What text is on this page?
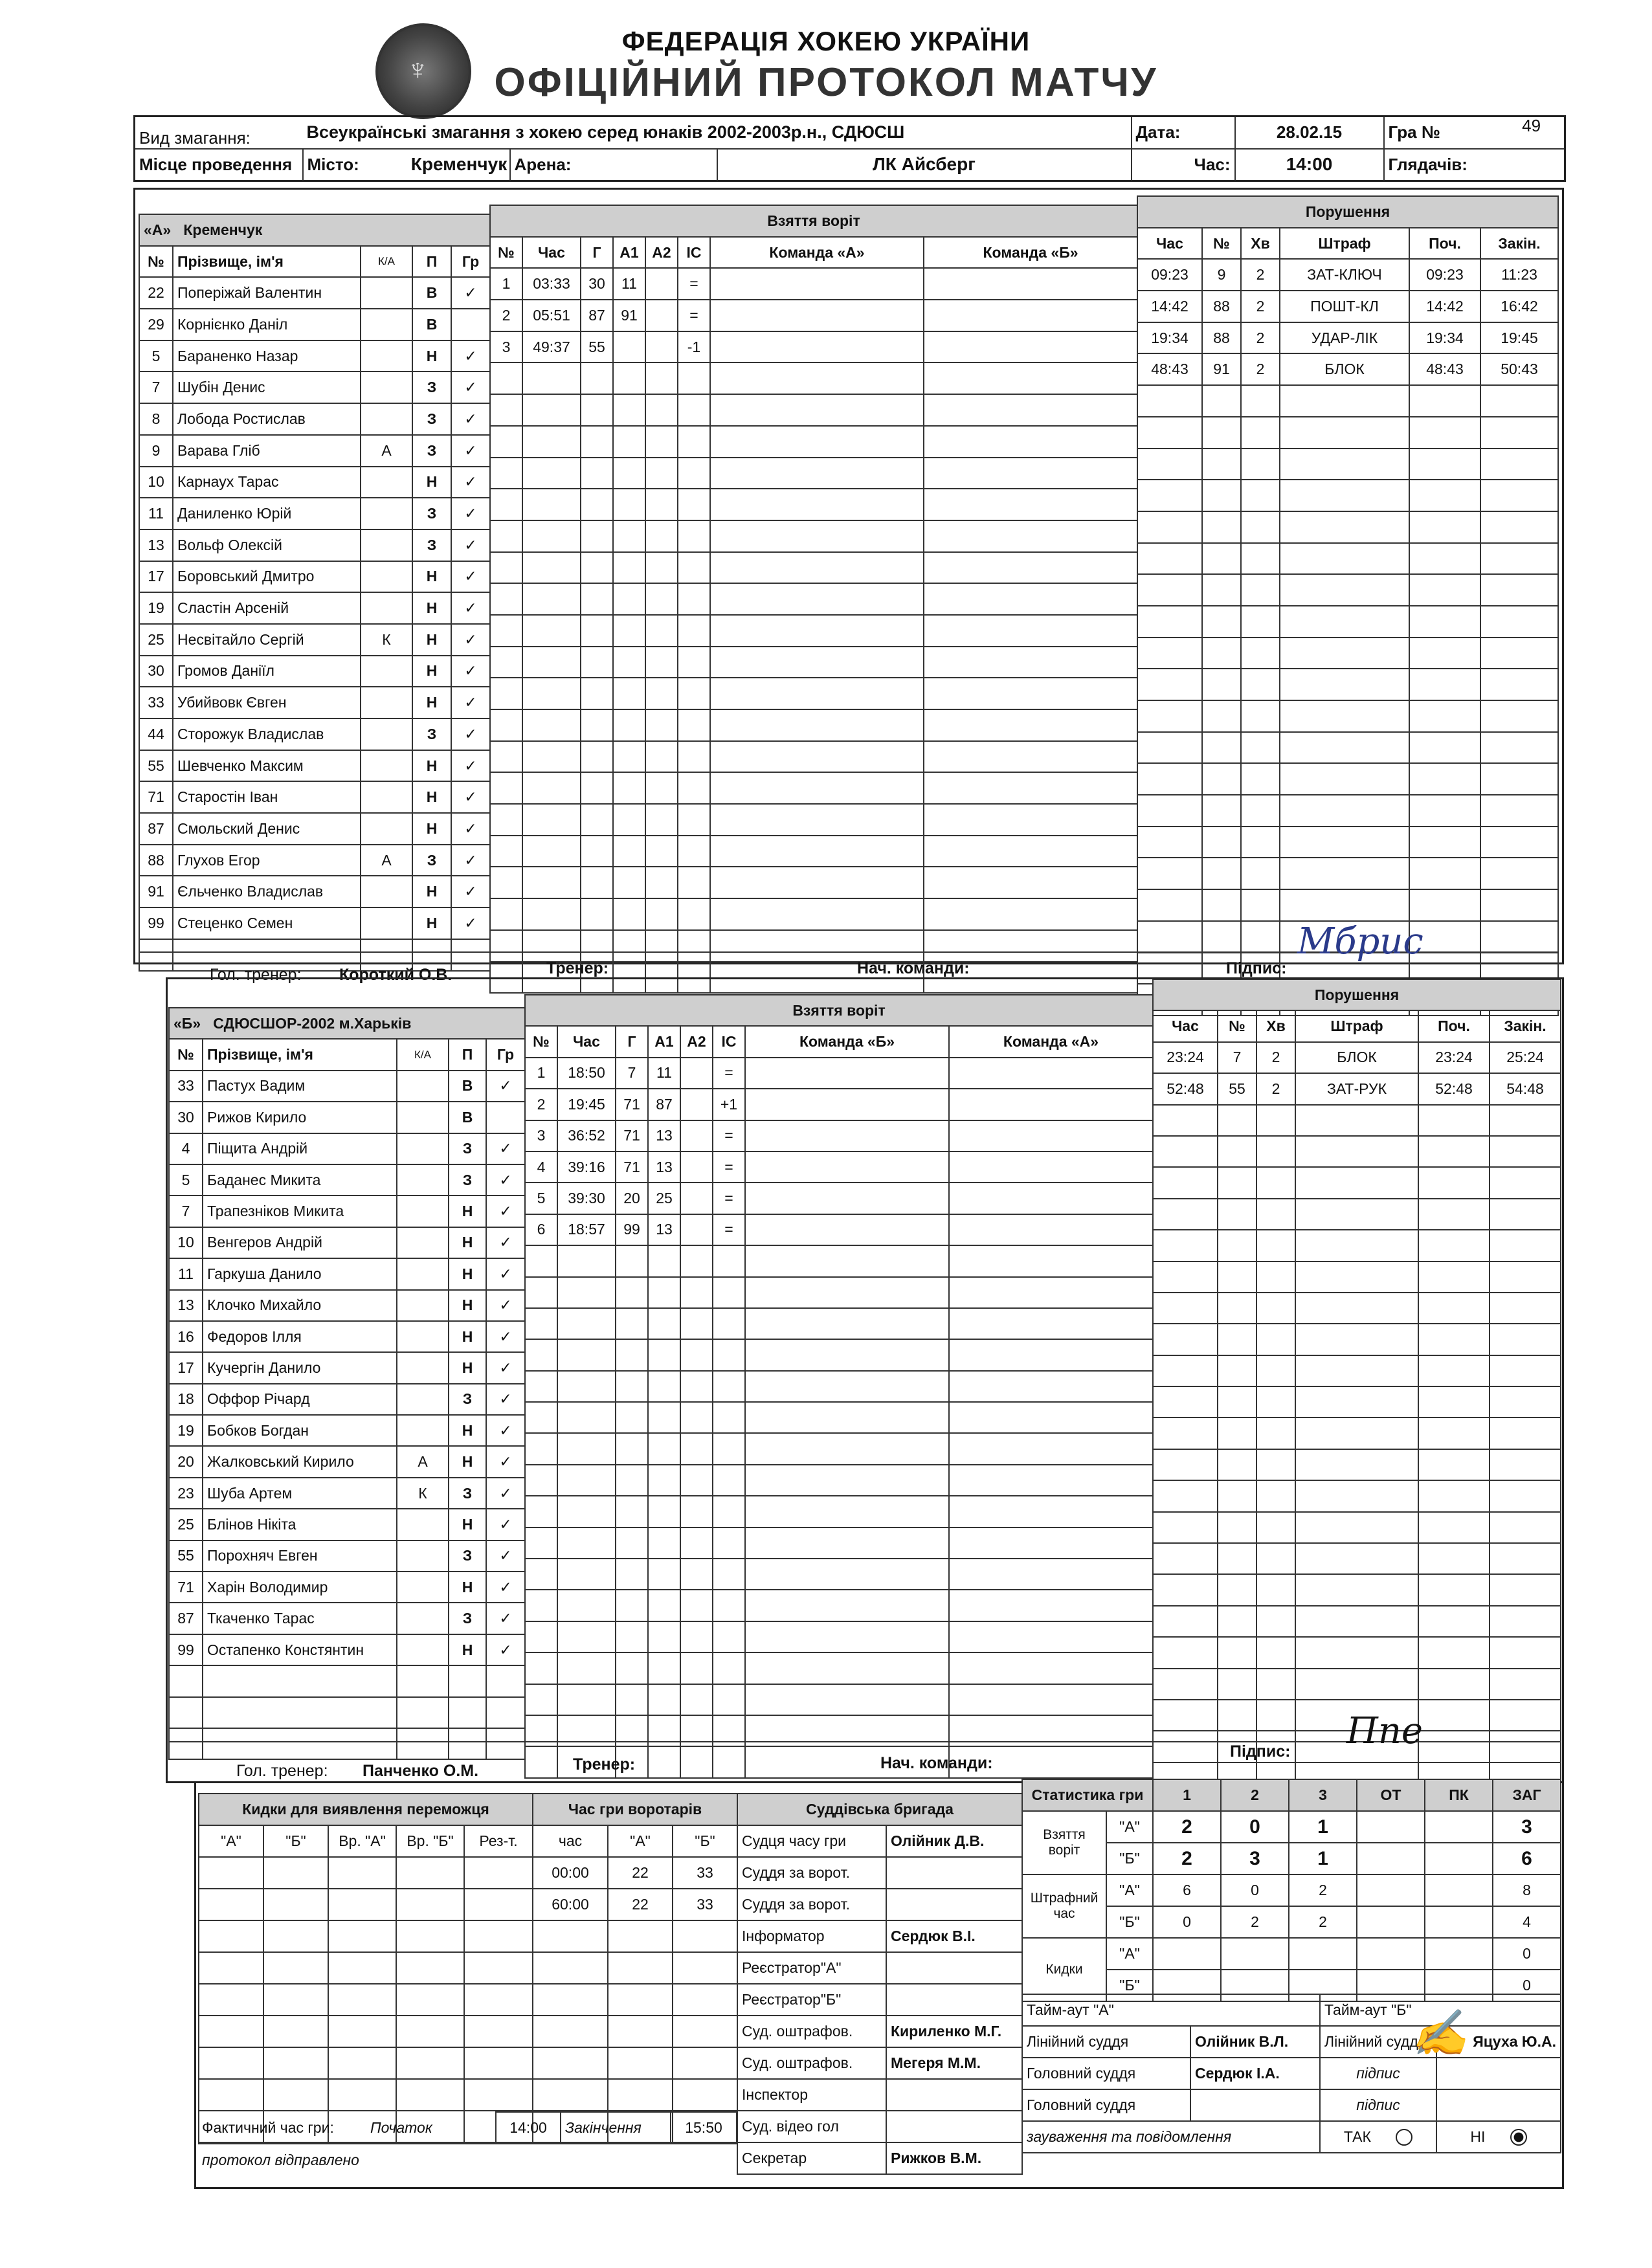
♆
ФЕДЕРАЦІЯ ХОКЕЮ УКРАЇНИ
ОФІЦІЙНИЙ ПРОТОКОЛ МАТЧУ
Вид змагання:	Всеукраїнські змагання з хокею серед юнаків 2002-2003р.н., СДЮСШ			Дата:	28.02.15	Гра № 49

Місце проведення	Місто: Кременчук	Арена:	ЛК Айсберг	Час:	14:00	Глядачів:
«А» Кременчук				
№	Прізвище, ім'я	К/А	П	Гр
22	Поперіжай Валентин		В	✓
29	Корнієнко Даніл		В	
5	Бараненко Назар		Н	✓
7	Шубін Денис		З	✓
8	Лобода Ростислав		З	✓
9	Варава Гліб	А	З	✓
10	Карнаух Тарас		Н	✓
11	Даниленко Юрій		З	✓
13	Вольф Олексій		З	✓
17	Боровський Дмитро		Н	✓
19	Сластін Арсеній		Н	✓
25	Несвітайло Сергій	К	Н	✓
30	Громов Даніїл		Н	✓
33	Убийвовк Євген		Н	✓
44	Сторожук Владислав		З	✓
55	Шевченко Максим		Н	✓
71	Старостін Іван		Н	✓
87	Смольский Денис		Н	✓
88	Глухов Егор	А	З	✓
91	Єльченко Владислав		Н	✓
99	Стеценко Семен		Н	✓

Взяття воріт							
№	Час	Г	А1	А2	ІС	Команда «А»	Команда «Б»
1	03:33	30	11		=		
2	05:51	87	91		=		
3	49:37	55			-1		

Порушення					
Час	№	Хв	Штраф	Поч.	Закін.
09:23	9	2	ЗАТ-КЛЮЧ	09:23	11:23
14:42	88	2	ПОШТ-КЛ	14:42	16:42
19:34	88	2	УДАР-ЛІК	19:34	19:45
48:43	91	2	БЛОК	48:43	50:43

Гол. тренер: Короткий О.В.	Тренер:	Нач. команди:	Підпис:
Мбрис
«Б» СДЮСШОР-2002 м.Харьків				
№	Прізвище, ім'я	К/А	П	Гр
33	Пастух Вадим		В	✓
30	Рижов Кирило		В	
4	Піщита Андрій		З	✓
5	Баданес Микита		З	✓
7	Трапезніков Микита		Н	✓
10	Венгеров Андрій		Н	✓
11	Гаркуша Данило		Н	✓
13	Клочко Михайло		Н	✓
16	Федоров Ілля		Н	✓
17	Кучергін Данило		Н	✓
18	Оффор Річард		З	✓
19	Бобков Богдан		Н	✓
20	Жалковський Кирило	А	Н	✓
23	Шуба Артем	К	З	✓
25	Блінов Нікіта		Н	✓
55	Порохняч Евген		З	✓
71	Харін Володимир		Н	✓
87	Ткаченко Тарас		З	✓
99	Остапенко Констянтин		Н	✓

Взяття воріт							
№	Час	Г	А1	А2	ІС	Команда «Б»	Команда «А»
1	18:50	7	11		=		
2	19:45	71	87		+1		
3	36:52	71	13		=		
4	39:16	71	13		=		
5	39:30	20	25		=		
6	18:57	99	13		=		

Порушення					
Час	№	Хв	Штраф	Поч.	Закін.
23:24	7	2	БЛОК	23:24	25:24
52:48	55	2	ЗАТ-РУК	52:48	54:48

Гол. тренер: Панченко О.М.	Тренер:	Нач. команди:
Підпис: Ппе
Кидки для виявлення переможця				
"А"	"Б"	Вр. "А"	Вр. "Б"	Рез-т.

Час гри воротарів		
час	"А"	"Б"
00:00	22	33
60:00	22	33

Суддівська бригада	
Судця часу гри	Олійник Д.В.
Суддя за ворот.	
Суддя за ворот.	
Інформатор	Сердюк В.І.
Реєстратор"А"	
Реєстратор"Б"	
Суд. оштрафов.	Кириленко М.Г.
Суд. оштрафов.	Мегеря М.М.
Інспектор	
Суд. відео гол	
Секретар	Рижков В.М.
Статистика гри		1	2	3	ОТ	ПК	ЗАГ
Взяття воріт	"А"	2	0	1			3
	"Б"	2	3	1			6
Штрафний час	"А"	6	0	2			8
	"Б"	0	2	2			4
Кидки	"А"						0
	"Б"						0
Тайм-аут "А"		Тайм-аут "Б"	
Лінійний суддя	Олійник В.Л.	Лінійний суддя	Яцуха Ю.А.
Головний суддя	Сердюк І.А.	підпис	
Головний суддя		підпис	
зауваження та повідомлення		ТАК	НІ
✍
Фактичний час гри:	Початок	14:00	Закінчення	15:50
протокол відправлено
